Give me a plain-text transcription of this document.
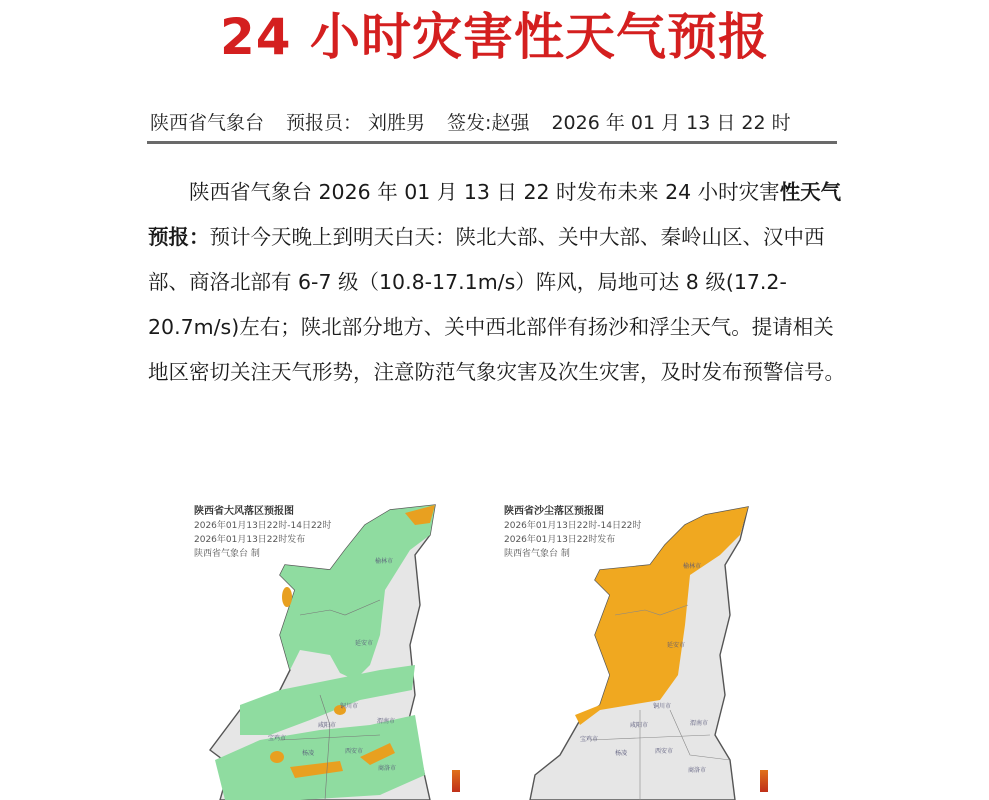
24 小时灾害性天气预报
陕西省气象台 预报员： 刘胜男 签发:赵强 2026 年 01 月 13 日 22 时

陕西省气象台 2026 年 01 月 13 日 22 时发布未来 24 小时灾害性天气预报：预计今天晚上到明天白天：陕北大部、关中大部、秦岭山区、汉中西部、商洛北部有 6-7 级（10.8-17.1m/s）阵风，局地可达 8 级(17.2-20.7m/s)左右；陕北部分地方、关中西北部伴有扬沙和浮尘天气。提请相关地区密切关注天气形势，注意防范气象灾害及次生灾害，及时发布预警信号。

榆林市
延安市
铜川市
宝鸡市
咸阳市
渭南市
杨凌	西安市
商洛市
陕西省大风落区预报图
2026年01月13日22时-14日22时
2026年01月13日22时发布
陕西省气象台 制
榆林市
延安市
铜川市
宝鸡市
咸阳市	渭南市
杨凌	西安市
商洛市
陕西省沙尘落区预报图
2026年01月13日22时-14日22时
2026年01月13日22时发布
陕西省气象台 制
